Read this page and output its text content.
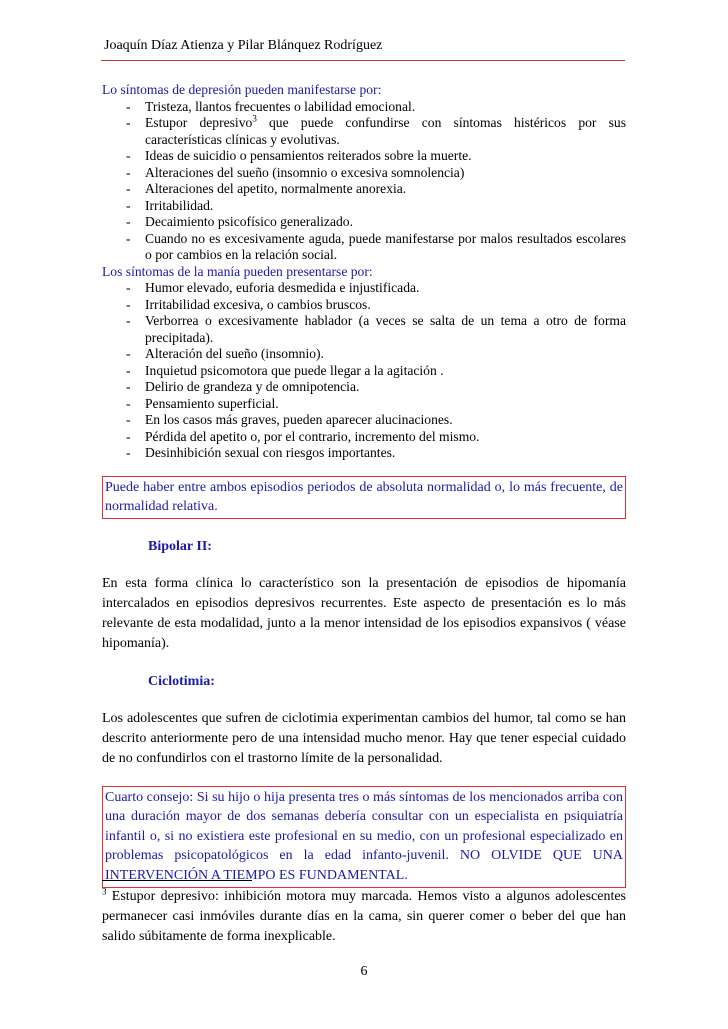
Joaquín Díaz Atienza y Pilar Blánquez Rodríguez

Lo síntomas de depresión pueden manifestarse por:

- Tristeza, llantos frecuentes o labilidad emocional.
- Estupor depresivo$^3$ que puede confundirse con síntomas histéricos por sus características clínicas y evolutivas.
- Ideas de suicidio o pensamientos reiterados sobre la muerte.
- Alteraciones del sueño (insomnio o excesiva somnolencia)
- Alteraciones del apetito, normalmente anorexia.
- Irritabilidad.
- Decaimiento psicofísico generalizado.
- Cuando no es excesivamente aguda, puede manifestarse por malos resultados escolares o por cambios en la relación social.

Los síntomas de la manía pueden presentarse por:

- Humor elevado, euforia desmedida e injustificada.
- Irritabilidad excesiva, o cambios bruscos.
- Verborrea o excesivamente hablador (a veces se salta de un tema a otro de forma precipitada).
- Alteración del sueño (insomnio).
- Inquietud psicomotora que puede llegar a la agitación .
- Delirio de grandeza y de omnipotencia.
- Pensamiento superficial.
- En los casos más graves, pueden aparecer alucinaciones.
- Pérdida del apetito o, por el contrario, incremento del mismo.
- Desinhibición sexual con riesgos importantes.
Puede haber entre ambos episodios periodos de absoluta normalidad o, lo más frecuente, de normalidad relativa.

Bipolar II:

En esta forma clínica lo característico son la presentación de episodios de hipomanía intercalados en episodios depresivos recurrentes. Este aspecto de presentación es lo más relevante de esta modalidad, junto a la menor intensidad de los episodios expansivos ( véase hipomanía).

Ciclotimia:

Los adolescentes que sufren de ciclotimia experimentan cambios del humor, tal como se han descrito anteriormente pero de una intensidad mucho menor. Hay que tener especial cuidado de no confundirlos con el trastorno límite de la personalidad.

Cuarto consejo: Si su hijo o hija presenta tres o más síntomas de los mencionados arriba con una duración mayor de dos semanas debería consultar con un especialista en psiquiatría infantil o, si no existiera este profesional en su medio, con un profesional especializado en problemas psicopatológicos en la edad infanto-juvenil. NO OLVIDE QUE UNA INTERVENCIÓN A TIEMPO ES FUNDAMENTAL.
$^3$ Estupor depresivo: inhibición motora muy marcada. Hemos visto a algunos adolescentes permanecer casi inmóviles durante días en la cama, sin querer comer o beber del que han salido súbitamente de forma inexplicable.
6
